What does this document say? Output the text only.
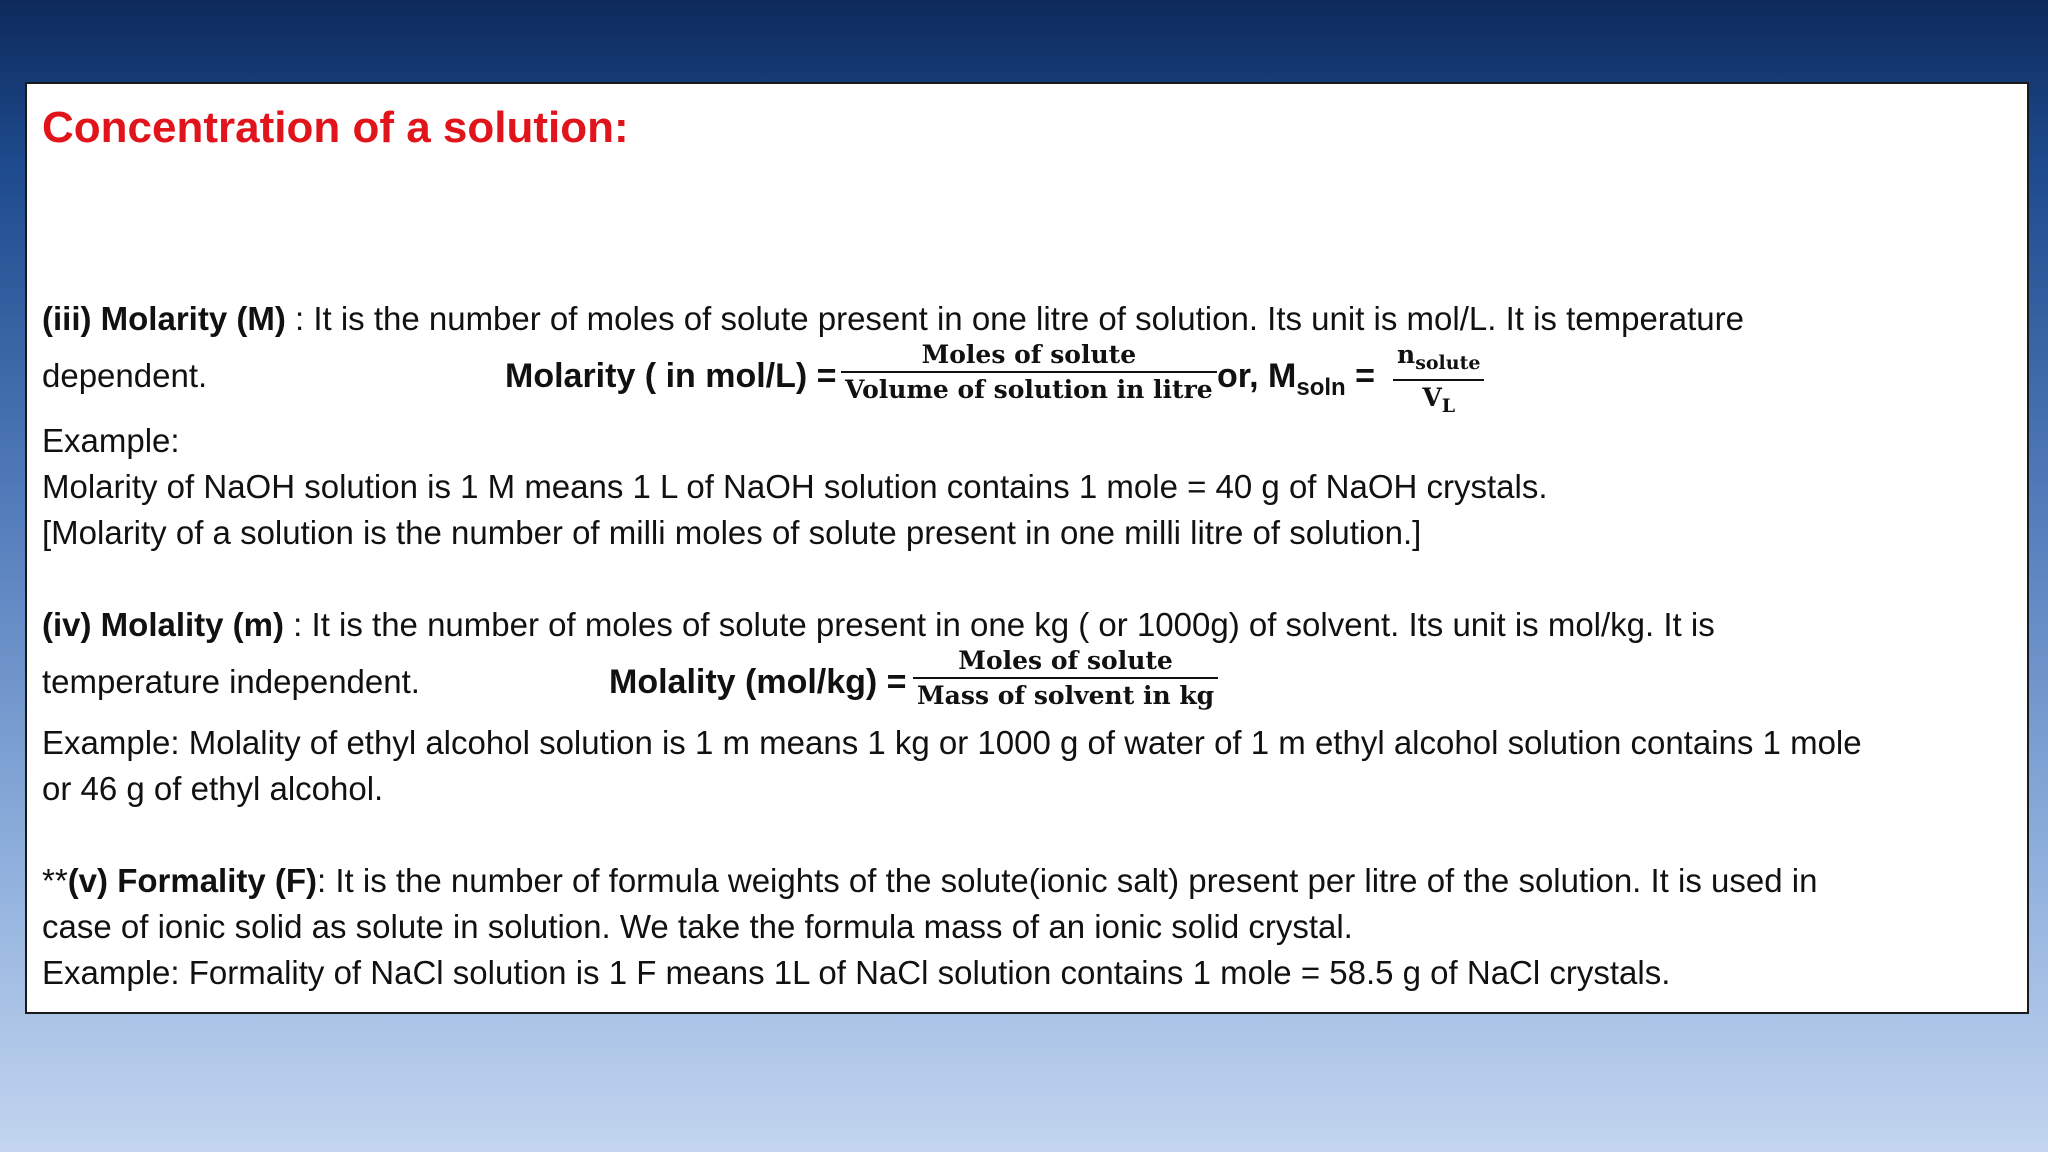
Concentration of a solution:
(iii) Molarity (M) : It is the number of moles of solute present in one litre of solution. Its unit is mol/L. It is temperature
dependent.	Molarity ( in mol/L) =
Moles of solute
Volume of solution in litre or, $M_{soln}$ =
$n_{solute}$
$V_L$
Example:
Molarity of NaOH solution is 1 M means 1 L of NaOH solution contains 1 mole = 40 g of NaOH crystals.
[Molarity of a solution is the number of milli moles of solute present in one milli litre of solution.]
(iv) Molality (m) : It is the number of moles of solute present in one kg ( or 1000g) of solvent. Its unit is mol/kg. It is
temperature independent.	Molality (mol/kg) =
Moles of solute
Mass of solvent in kg
Example: Molality of ethyl alcohol solution is 1 m means 1 kg or 1000 g of water of 1 m ethyl alcohol solution contains 1 mole
or 46 g of ethyl alcohol.
**(v) Formality (F): It is the number of formula weights of the solute(ionic salt) present per litre of the solution. It is used in
case of ionic solid as solute in solution. We take the formula mass of an ionic solid crystal.
Example: Formality of NaCl solution is 1 F means 1L of NaCl solution contains 1 mole = 58.5 g of NaCl crystals.
